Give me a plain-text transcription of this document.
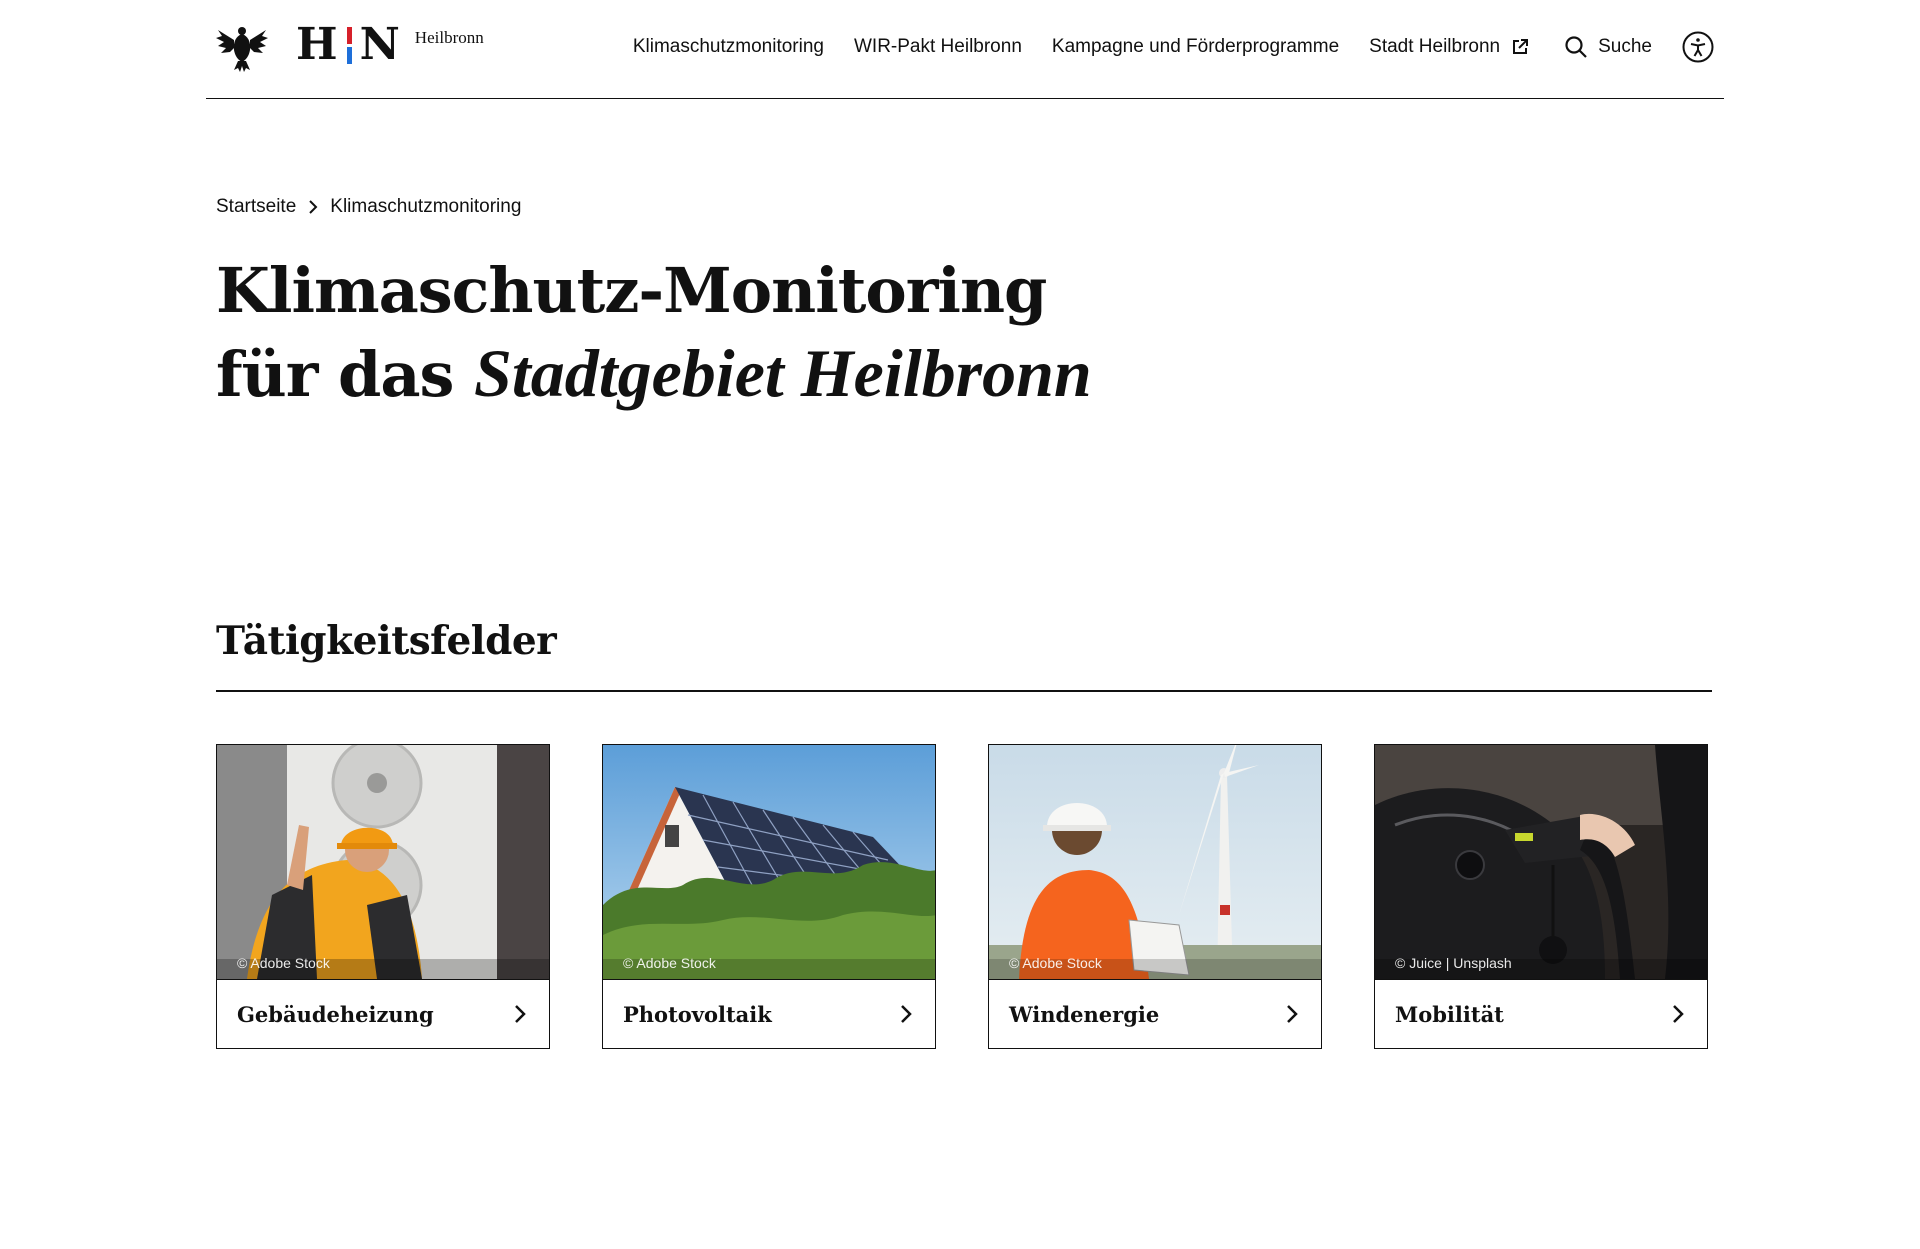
H N Heilbronn	Klimaschutzmonitoring WIR-Pakt Heilbronn Kampagne und Förderprogramme Stadt Heilbronn	Suche
Startseite Klimaschutzmonitoring
Klimaschutz-Monitoring
für das Stadtgebiet Heilbronn
Tätigkeitsfelder
© Adobe Stock
Gebäudeheizung
© Adobe Stock
Photovoltaik
© Adobe Stock
Windenergie
© Juice | Unsplash
Mobilität
